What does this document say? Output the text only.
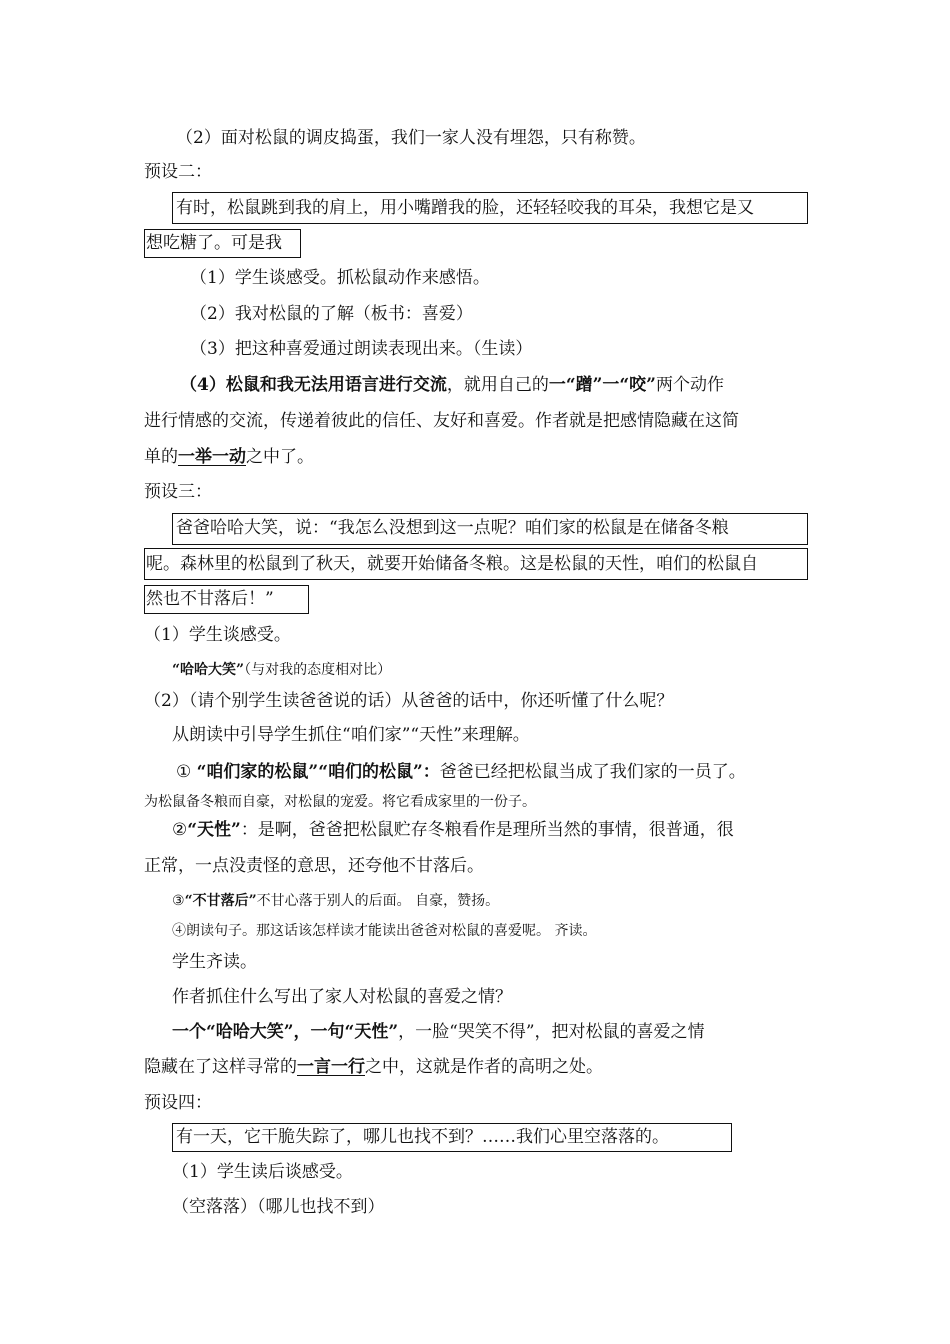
（2）面对松鼠的调皮捣蛋，我们一家人没有埋怨，只有称赞。
预设二：
有时，松鼠跳到我的肩上，用小嘴蹭我的脸，还轻轻咬我的耳朵，我想它是又
想吃糖了。可是我
（1）学生谈感受。抓松鼠动作来感悟。
（2）我对松鼠的了解（板书：喜爱）
（3）把这种喜爱通过朗读表现出来。（生读）
（4）松鼠和我无法用语言进行交流，就用自己的一“蹭”一“咬”两个动作
进行情感的交流，传递着彼此的信任、友好和喜爱。作者就是把感情隐藏在这简
单的一举一动之中了。
预设三：
爸爸哈哈大笑，说：“我怎么没想到这一点呢？咱们家的松鼠是在储备冬粮
呢。森林里的松鼠到了秋天，就要开始储备冬粮。这是松鼠的天性，咱们的松鼠自
然也不甘落后！”
（1）学生谈感受。
“哈哈大笑”（与对我的态度相对比）
（2）（请个别学生读爸爸说的话）从爸爸的话中，你还听懂了什么呢？
从朗读中引导学生抓住“咱们家”“天性”来理解。
① “咱们家的松鼠”“咱们的松鼠”：爸爸已经把松鼠当成了我们家的一员了。
为松鼠备冬粮而自豪，对松鼠的宠爱。将它看成家里的一份子。
②“天性”：是啊，爸爸把松鼠贮存冬粮看作是理所当然的事情，很普通，很
正常，一点没责怪的意思，还夸他不甘落后。
③“不甘落后”不甘心落于别人的后面。 自豪，赞扬。
④朗读句子。那这话该怎样读才能读出爸爸对松鼠的喜爱呢。 齐读。
学生齐读。
作者抓住什么写出了家人对松鼠的喜爱之情？
一个“哈哈大笑”，一句“天性”，一脸“哭笑不得”，把对松鼠的喜爱之情
隐藏在了这样寻常的一言一行之中，这就是作者的高明之处。
预设四：
有一天，它干脆失踪了，哪儿也找不到？……我们心里空落落的。
（1）学生读后谈感受。
（空落落）（哪儿也找不到）
